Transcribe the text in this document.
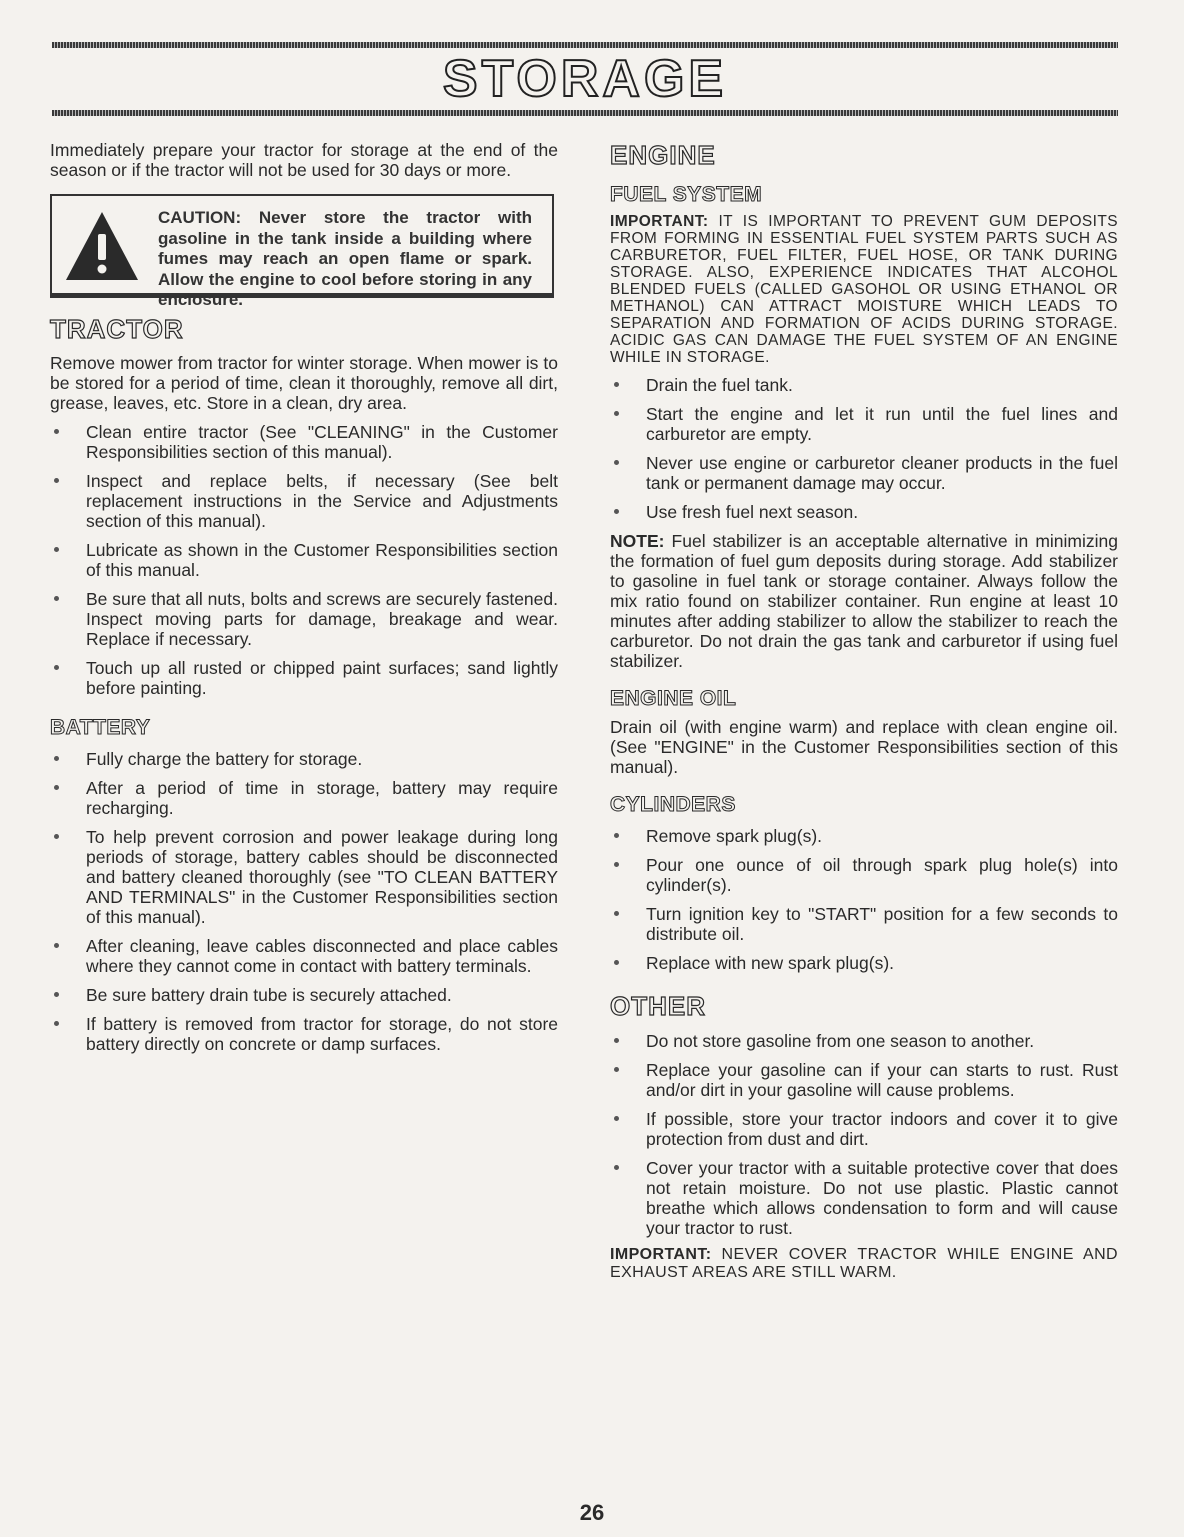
STORAGE

Immediately prepare your tractor for storage at the end of the season or if the tractor will not be used for 30 days or more.

CAUTION: Never store the tractor with gasoline in the tank inside a building where fumes may reach an open flame or spark. Allow the engine to cool before storing in any enclosure.
TRACTOR

Remove mower from tractor for winter storage. When mower is to be stored for a period of time, clean it thoroughly, remove all dirt, grease, leaves, etc. Store in a clean, dry area.

Clean entire tractor (See "CLEANING" in the Customer Responsibilities section of this manual).
Inspect and replace belts, if necessary (See belt replacement instructions in the Service and Adjustments section of this manual).
Lubricate as shown in the Customer Responsibilities section of this manual.
Be sure that all nuts, bolts and screws are securely fastened. Inspect moving parts for damage, breakage and wear. Replace if necessary.
Touch up all rusted or chipped paint surfaces; sand lightly before painting.
BATTERY
Fully charge the battery for storage.
After a period of time in storage, battery may require recharging.
To help prevent corrosion and power leakage during long periods of storage, battery cables should be disconnected and battery cleaned thoroughly (see "TO CLEAN BATTERY AND TERMINALS" in the Customer Responsibilities section of this manual).
After cleaning, leave cables disconnected and place cables where they cannot come in contact with battery terminals.
Be sure battery drain tube is securely attached.
If battery is removed from tractor for storage, do not store battery directly on concrete or damp surfaces.
ENGINE
FUEL SYSTEM

IMPORTANT: IT IS IMPORTANT TO PREVENT GUM DEPOSITS FROM FORMING IN ESSENTIAL FUEL SYSTEM PARTS SUCH AS CARBURETOR, FUEL FILTER, FUEL HOSE, OR TANK DURING STORAGE. ALSO, EXPERIENCE INDICATES THAT ALCOHOL BLENDED FUELS (CALLED GASOHOL OR USING ETHANOL OR METHANOL) CAN ATTRACT MOISTURE WHICH LEADS TO SEPARATION AND FORMATION OF ACIDS DURING STORAGE. ACIDIC GAS CAN DAMAGE THE FUEL SYSTEM OF AN ENGINE WHILE IN STORAGE.

Drain the fuel tank.
Start the engine and let it run until the fuel lines and carburetor are empty.
Never use engine or carburetor cleaner products in the fuel tank or permanent damage may occur.
Use fresh fuel next season.

NOTE: Fuel stabilizer is an acceptable alternative in minimizing the formation of fuel gum deposits during storage. Add stabilizer to gasoline in fuel tank or storage container. Always follow the mix ratio found on stabilizer container. Run engine at least 10 minutes after adding stabilizer to allow the stabilizer to reach the carburetor. Do not drain the gas tank and carburetor if using fuel stabilizer.

ENGINE OIL

Drain oil (with engine warm) and replace with clean engine oil. (See "ENGINE" in the Customer Responsibilities section of this manual).

CYLINDERS
Remove spark plug(s).
Pour one ounce of oil through spark plug hole(s) into cylinder(s).
Turn ignition key to "START" position for a few seconds to distribute oil.
Replace with new spark plug(s).
OTHER
Do not store gasoline from one season to another.
Replace your gasoline can if your can starts to rust. Rust and/or dirt in your gasoline will cause problems.
If possible, store your tractor indoors and cover it to give protection from dust and dirt.
Cover your tractor with a suitable protective cover that does not retain moisture. Do not use plastic. Plastic cannot breathe which allows condensation to form and will cause your tractor to rust.

IMPORTANT: NEVER COVER TRACTOR WHILE ENGINE AND EXHAUST AREAS ARE STILL WARM.

26
